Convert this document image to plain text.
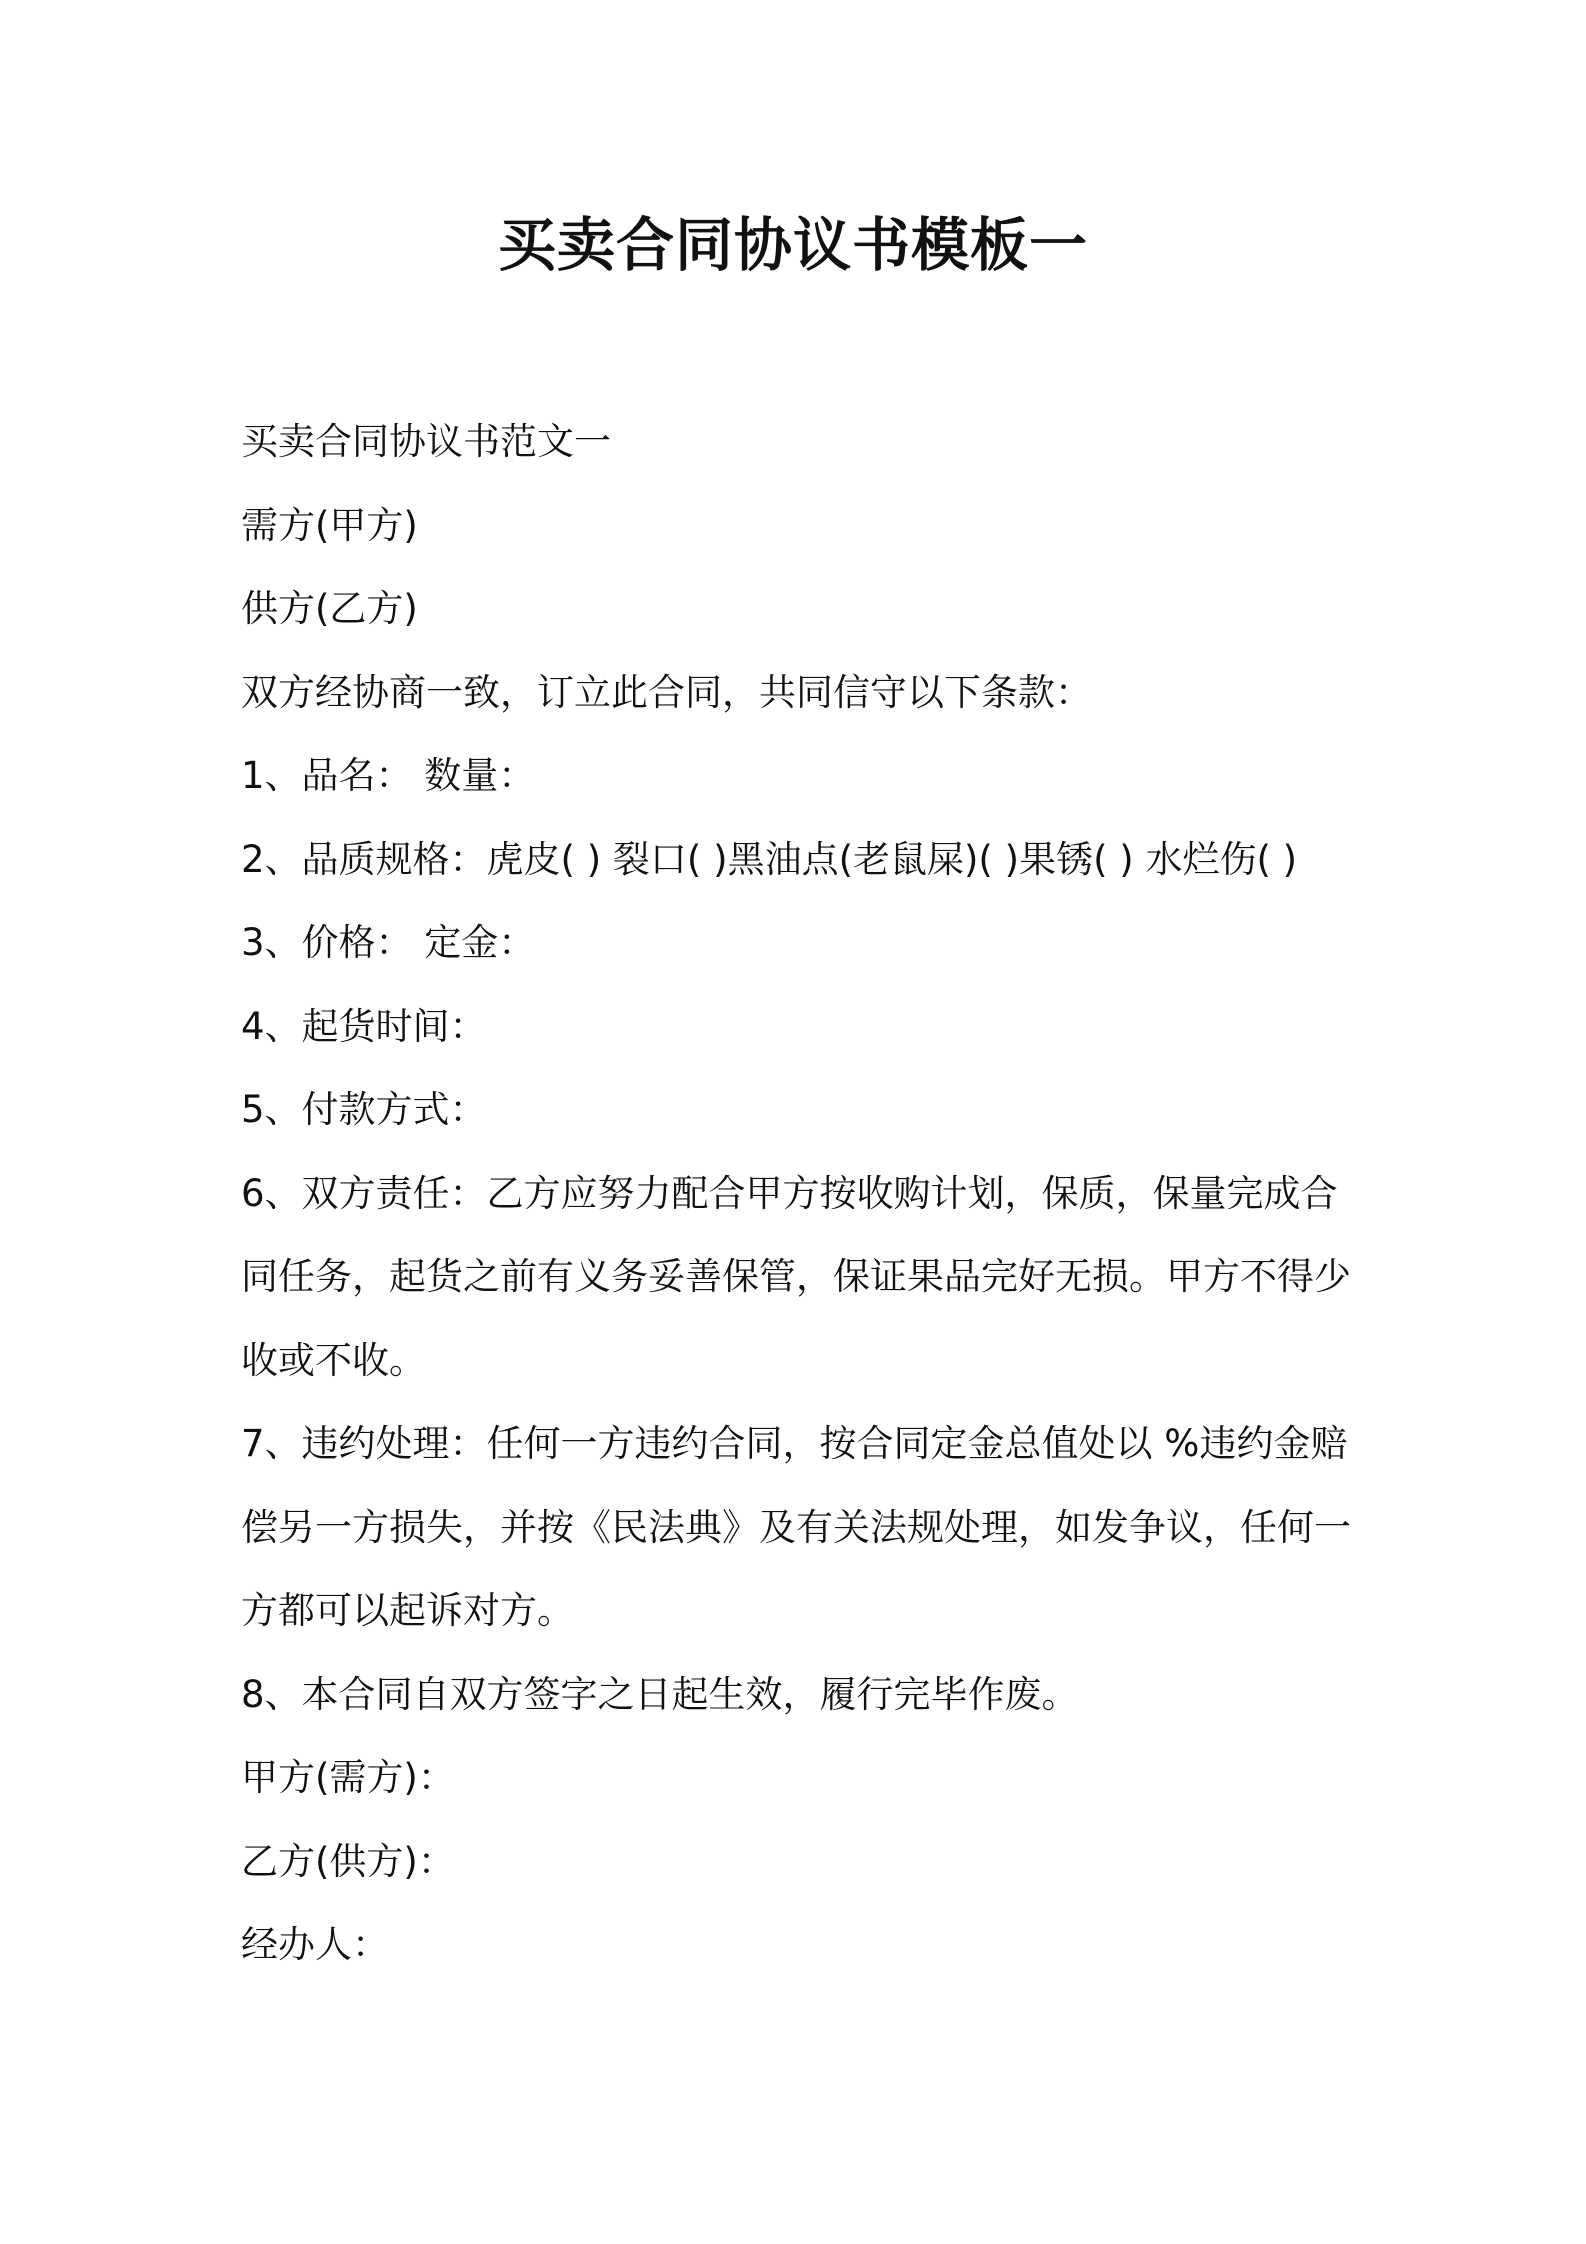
买卖合同协议书模板一
买卖合同协议书范文一
需方(甲方)
供方(乙方)
双方经协商一致，订立此合同，共同信守以下条款：
1、品名： 数量：
2、品质规格：虎皮( ) 裂口( )黑油点(老鼠屎)( )果锈( ) 水烂伤( )
3、价格： 定金：
4、起货时间：
5、付款方式：
6、双方责任：乙方应努力配合甲方按收购计划，保质，保量完成合
同任务，起货之前有义务妥善保管，保证果品完好无损。甲方不得少
收或不收。
7、违约处理：任何一方违约合同，按合同定金总值处以 %违约金赔
偿另一方损失，并按《民法典》及有关法规处理，如发争议，任何一
方都可以起诉对方。
8、本合同自双方签字之日起生效，履行完毕作废。
甲方(需方)：
乙方(供方)：
经办人：
